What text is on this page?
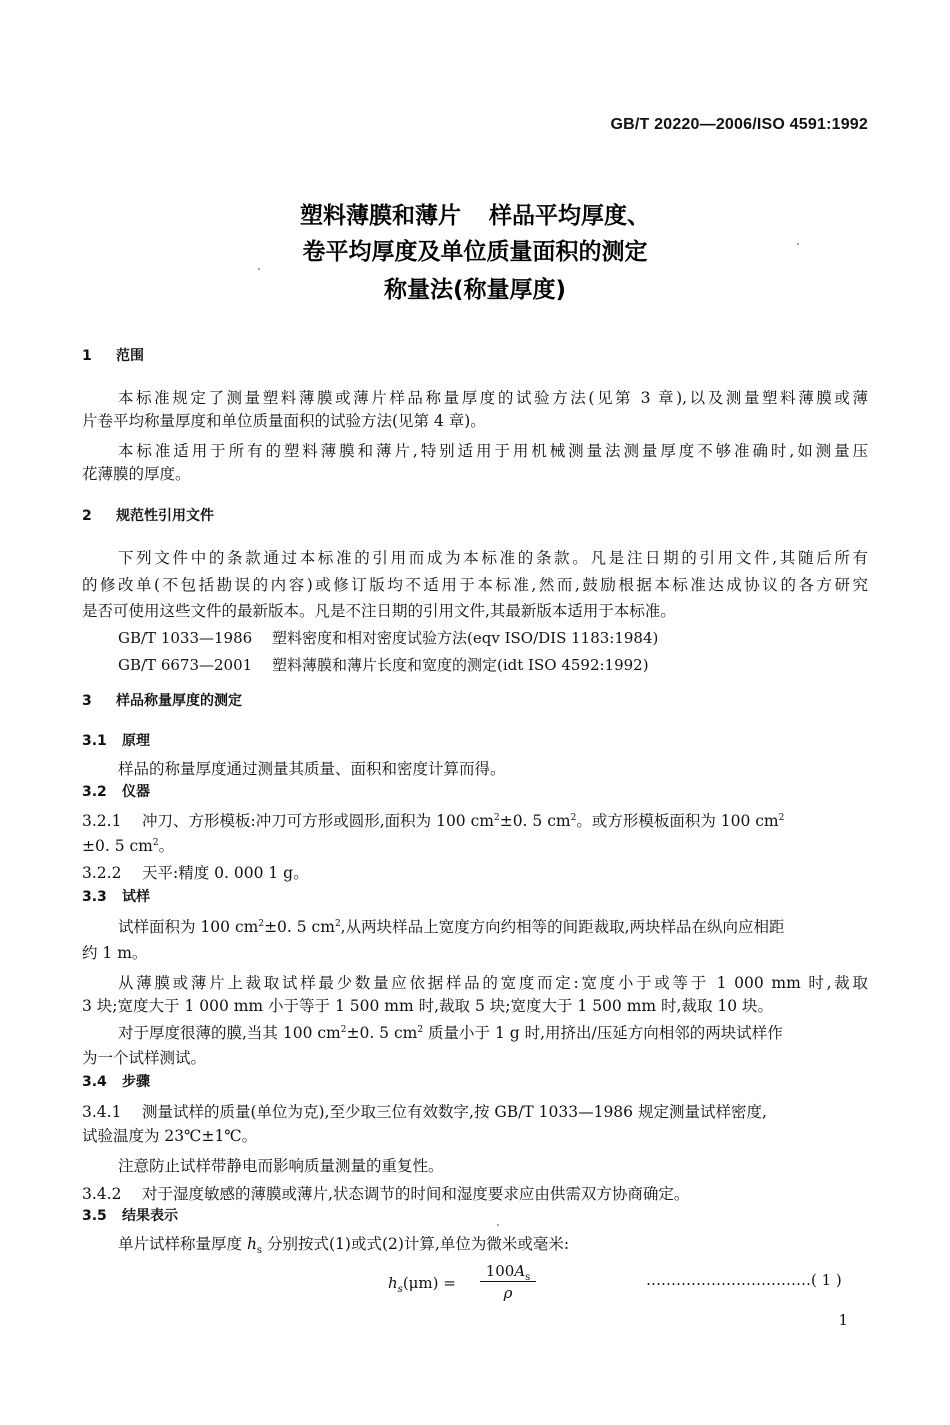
GB/T 20220—2006/ISO 4591:1992
塑料薄膜和薄片 样品平均厚度、
卷平均厚度及单位质量面积的测定
称量法(称量厚度)
1 范围
本标准规定了测量塑料薄膜或薄片样品称量厚度的试验方法(见第 3 章),以及测量塑料薄膜或薄
片卷平均称量厚度和单位质量面积的试验方法(见第 4 章)。
本标准适用于所有的塑料薄膜和薄片,特别适用于用机械测量法测量厚度不够准确时,如测量压
花薄膜的厚度。
2 规范性引用文件
下列文件中的条款通过本标准的引用而成为本标准的条款。凡是注日期的引用文件,其随后所有
的修改单(不包括勘误的内容)或修订版均不适用于本标准,然而,鼓励根据本标准达成协议的各方研究
是否可使用这些文件的最新版本。凡是不注日期的引用文件,其最新版本适用于本标准。
GB/T 1033—1986 塑料密度和相对密度试验方法(eqv ISO/DIS 1183:1984)
GB/T 6673—2001 塑料薄膜和薄片长度和宽度的测定(idt ISO 4592:1992)
3 样品称量厚度的测定
3.1 原理
样品的称量厚度通过测量其质量、面积和密度计算而得。
3.2 仪器
3.2.1 冲刀、方形模板:冲刀可方形或圆形,面积为 100 $cm^2\pm 0$. 5 $cm^2$。或方形模板面积为 100 $cm^2$
±0. 5 $cm^2$。
3.2.2 天平:精度 0. 000 1 g。
3.3 试样
试样面积为 100 $cm^2\pm 0$. 5 $cm^2$,从两块样品上宽度方向约相等的间距裁取,两块样品在纵向应相距
约 1 m。
从薄膜或薄片上裁取试样最少数量应依据样品的宽度而定:宽度小于或等于 1 000 mm 时,裁取
3 块;宽度大于 1 000 mm 小于等于 1 500 mm 时,裁取 5 块;宽度大于 1 500 mm 时,裁取 10 块。
对于厚度很薄的膜,当其 100 $cm^2\pm 0$. 5 $cm^2$ 质量小于 1 g 时,用挤出/压延方向相邻的两块试样作
为一个试样测试。
3.4 步骤
3.4.1 测量试样的质量(单位为克),至少取三位有效数字,按 GB/T 1033—1986 规定测量试样密度,
试验温度为 23℃±1℃。
注意防止试样带静电而影响质量测量的重复性。
3.4.2 对于湿度敏感的薄膜或薄片,状态调节的时间和湿度要求应由供需双方协商确定。
3.5 结果表示
单片试样称量厚度 $h_s$ 分别按式(1)或式(2)计算,单位为微米或毫米:
$h_s(\mu m)$ =
$100A_s$
ρ
……………………………( 1 )
1
